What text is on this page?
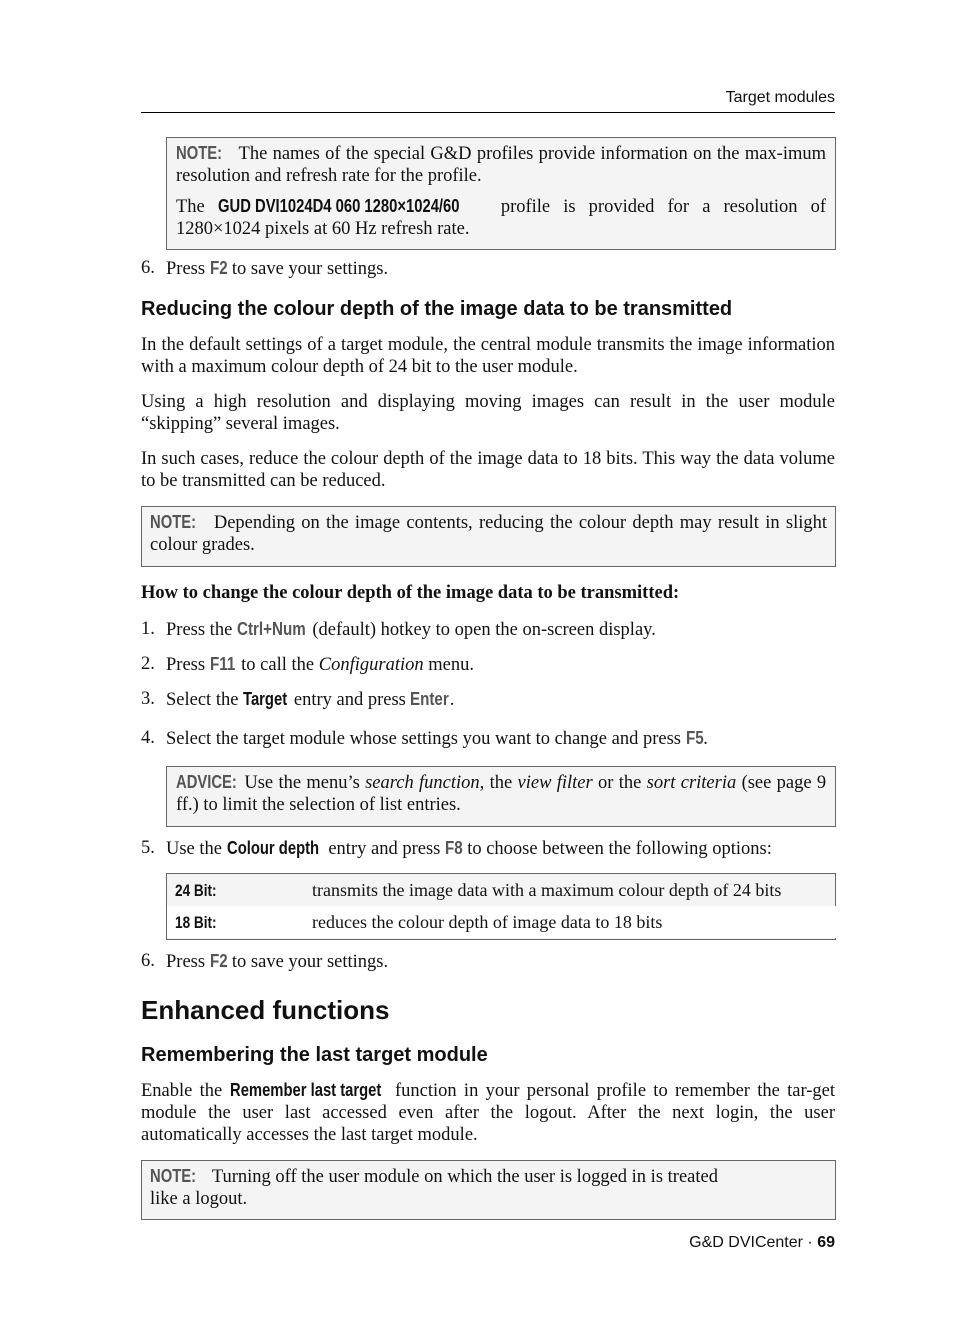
Target modules

NOTE: The names of the special G&D profiles provide information on the max-imum resolution and refresh rate for the profile.

The GUD DVI1024D4 060 1280×1024/60 profile is provided for a resolution of 1280×1024 pixels at 60 Hz refresh rate.

6. Press F2 to save your settings.
Reducing the colour depth of the image data to be transmitted

In the default settings of a target module, the central module transmits the image information with a maximum colour depth of 24 bit to the user module.

Using a high resolution and displaying moving images can result in the user module “skipping” several images.

In such cases, reduce the colour depth of the image data to 18 bits. This way the data volume to be transmitted can be reduced.

NOTE: Depending on the image contents, reducing the colour depth may result in slight colour grades.

How to change the colour depth of the image data to be transmitted:
1. Press the Ctrl+Num (default) hotkey to open the on-screen display.
2. Press F11 to call the Configuration menu.
3. Select the Target entry and press Enter.
4. Select the target module whose settings you want to change and press F5.

ADVICE: Use the menu’s search function, the view filter or the sort criteria (see page 9 ff.) to limit the selection of list entries.

5. Use the Colour depth entry and press F8 to choose between the following options:
24 Bit:	transmits the image data with a maximum colour depth of 24 bits
18 Bit:	reduces the colour depth of image data to 18 bits
6. Press F2 to save your settings.
Enhanced functions
Remembering the last target module

Enable the Remember last target function in your personal profile to remember the tar-get module the user last accessed even after the logout. After the next login, the user automatically accesses the last target module.

NOTE: Turning off the user module on which the user is logged in is treated
like a logout.
G&D DVICenter · 69
